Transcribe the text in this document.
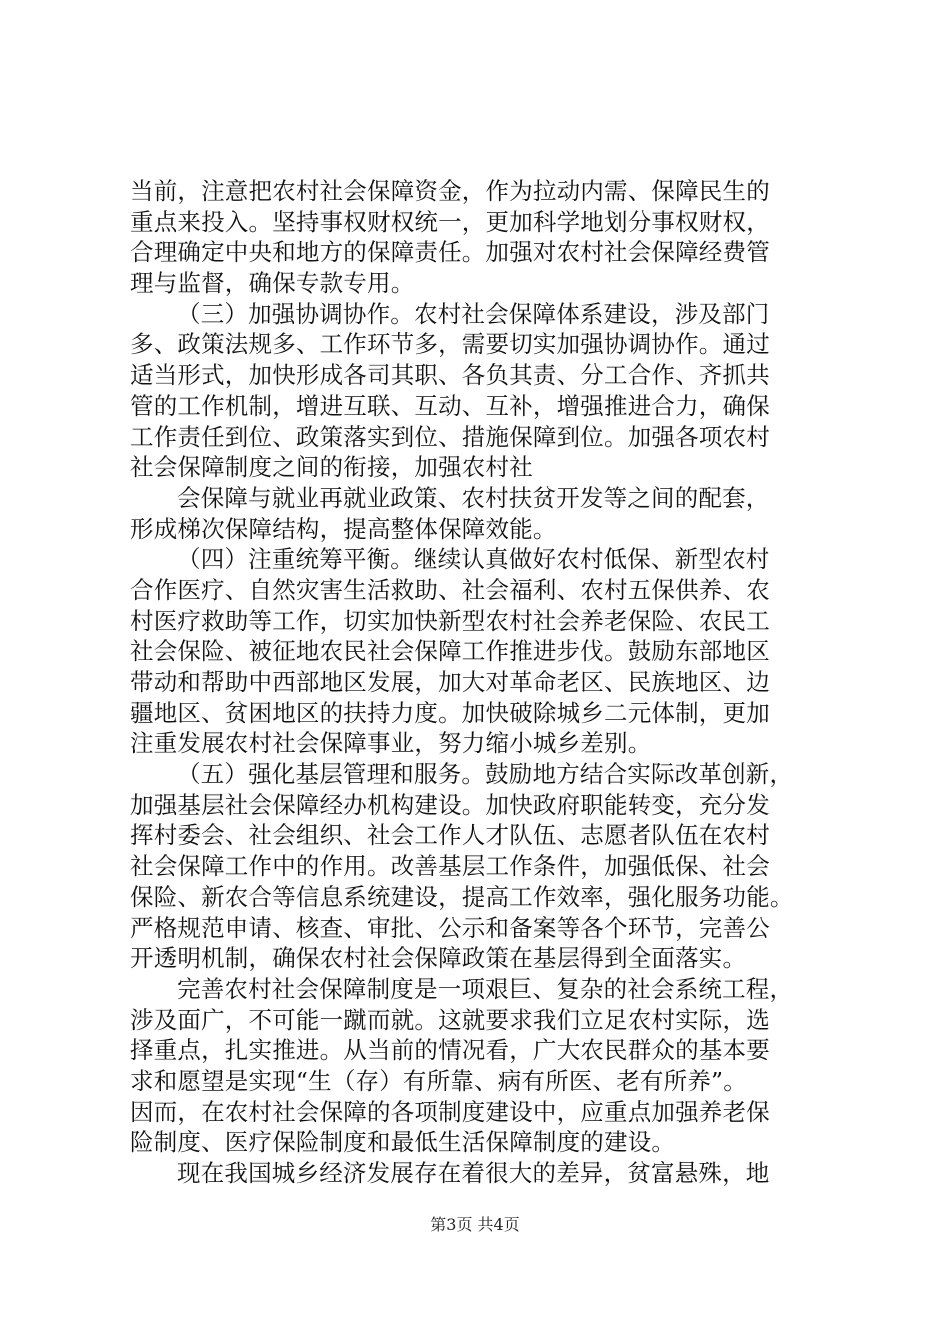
当前，注意把农村社会保障资金，作为拉动内需、保障民生的
重点来投入。坚持事权财权统一，更加科学地划分事权财权，
合理确定中央和地方的保障责任。加强对农村社会保障经费管
理与监督，确保专款专用。
（三）加强协调协作。农村社会保障体系建设，涉及部门
多、政策法规多、工作环节多，需要切实加强协调协作。通过
适当形式，加快形成各司其职、各负其责、分工合作、齐抓共
管的工作机制，增进互联、互动、互补，增强推进合力，确保
工作责任到位、政策落实到位、措施保障到位。加强各项农村
社会保障制度之间的衔接，加强农村社
会保障与就业再就业政策、农村扶贫开发等之间的配套，
形成梯次保障结构，提高整体保障效能。
（四）注重统筹平衡。继续认真做好农村低保、新型农村
合作医疗、自然灾害生活救助、社会福利、农村五保供养、农
村医疗救助等工作，切实加快新型农村社会养老保险、农民工
社会保险、被征地农民社会保障工作推进步伐。鼓励东部地区
带动和帮助中西部地区发展，加大对革命老区、民族地区、边
疆地区、贫困地区的扶持力度。加快破除城乡二元体制，更加
注重发展农村社会保障事业，努力缩小城乡差别。
（五）强化基层管理和服务。鼓励地方结合实际改革创新，
加强基层社会保障经办机构建设。加快政府职能转变，充分发
挥村委会、社会组织、社会工作人才队伍、志愿者队伍在农村
社会保障工作中的作用。改善基层工作条件，加强低保、社会
保险、新农合等信息系统建设，提高工作效率，强化服务功能。
严格规范申请、核查、审批、公示和备案等各个环节，完善公
开透明机制，确保农村社会保障政策在基层得到全面落实。
完善农村社会保障制度是一项艰巨、复杂的社会系统工程，
涉及面广，不可能一蹴而就。这就要求我们立足农村实际，选
择重点，扎实推进。从当前的情况看，广大农民群众的基本要
求和愿望是实现“生（存）有所靠、病有所医、老有所养”。
因而，在农村社会保障的各项制度建设中，应重点加强养老保
险制度、医疗保险制度和最低生活保障制度的建设。
现在我国城乡经济发展存在着很大的差异，贫富悬殊，地
第3页 共4页
